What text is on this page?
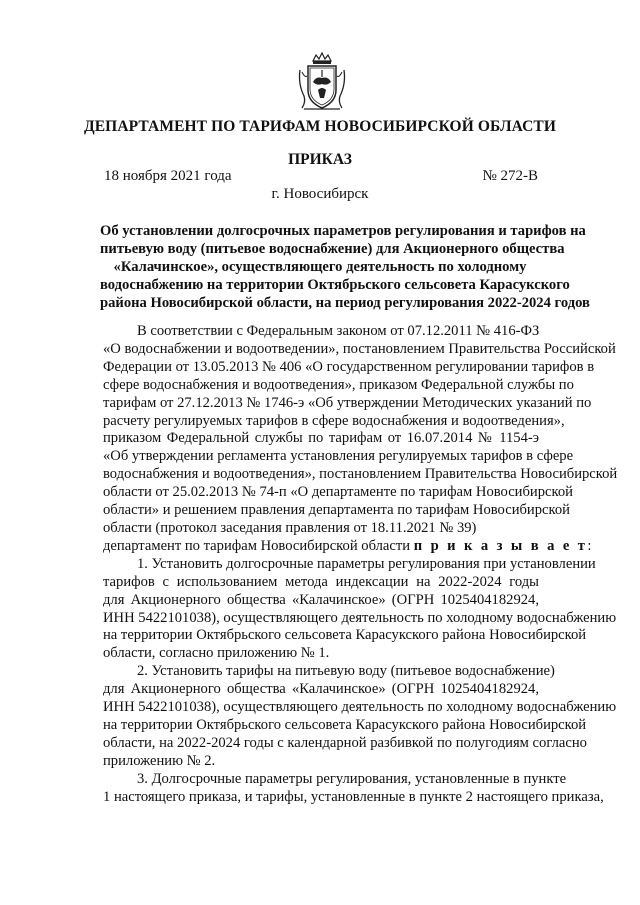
ДЕПАРТАМЕНТ ПО ТАРИФАМ НОВОСИБИРСКОЙ ОБЛАСТИ
ПРИКАЗ
18 ноября 2021 года	№ 272-В
г. Новосибирск
Об установлении долгосрочных параметров регулирования и тарифов на
питьевую воду (питьевое водоснабжение) для Акционерного общества
«Калачинское», осуществляющего деятельность по холодному
водоснабжению на территории Октябрьского сельсовета Карасукского
района Новосибирской области, на период регулирования 2022-2024 годов
В соответствии с Федеральным законом от 07.12.2011 № 416-ФЗ
«О водоснабжении и водоотведении», постановлением Правительства Российской
Федерации от 13.05.2013 № 406 «О государственном регулировании тарифов в
сфере водоснабжения и водоотведения», приказом Федеральной службы по
тарифам от 27.12.2013 № 1746-э «Об утверждении Методических указаний по
расчету регулируемых тарифов в сфере водоснабжения и водоотведения»,
приказом Федеральной службы по тарифам от 16.07.2014 № 1154-э
«Об утверждении регламента установления регулируемых тарифов в сфере
водоснабжения и водоотведения», постановлением Правительства Новосибирской
области от 25.02.2013 № 74-п «О департаменте по тарифам Новосибирской
области» и решением правления департамента по тарифам Новосибирской
области (протокол заседания правления от 18.11.2021 № 39)
департамент по тарифам Новосибирской области п р и к а з ы в а е т:
1. Установить долгосрочные параметры регулирования при установлении
тарифов с использованием метода индексации на 2022-2024 годы
для Акционерного общества «Калачинское» (ОГРН 1025404182924,
ИНН 5422101038), осуществляющего деятельность по холодному водоснабжению
на территории Октябрьского сельсовета Карасукского района Новосибирской
области, согласно приложению № 1.
2. Установить тарифы на питьевую воду (питьевое водоснабжение)
для Акционерного общества «Калачинское» (ОГРН 1025404182924,
ИНН 5422101038), осуществляющего деятельность по холодному водоснабжению
на территории Октябрьского сельсовета Карасукского района Новосибирской
области, на 2022-2024 годы с календарной разбивкой по полугодиям согласно
приложению № 2.
3. Долгосрочные параметры регулирования, установленные в пункте
1 настоящего приказа, и тарифы, установленные в пункте 2 настоящего приказа,
